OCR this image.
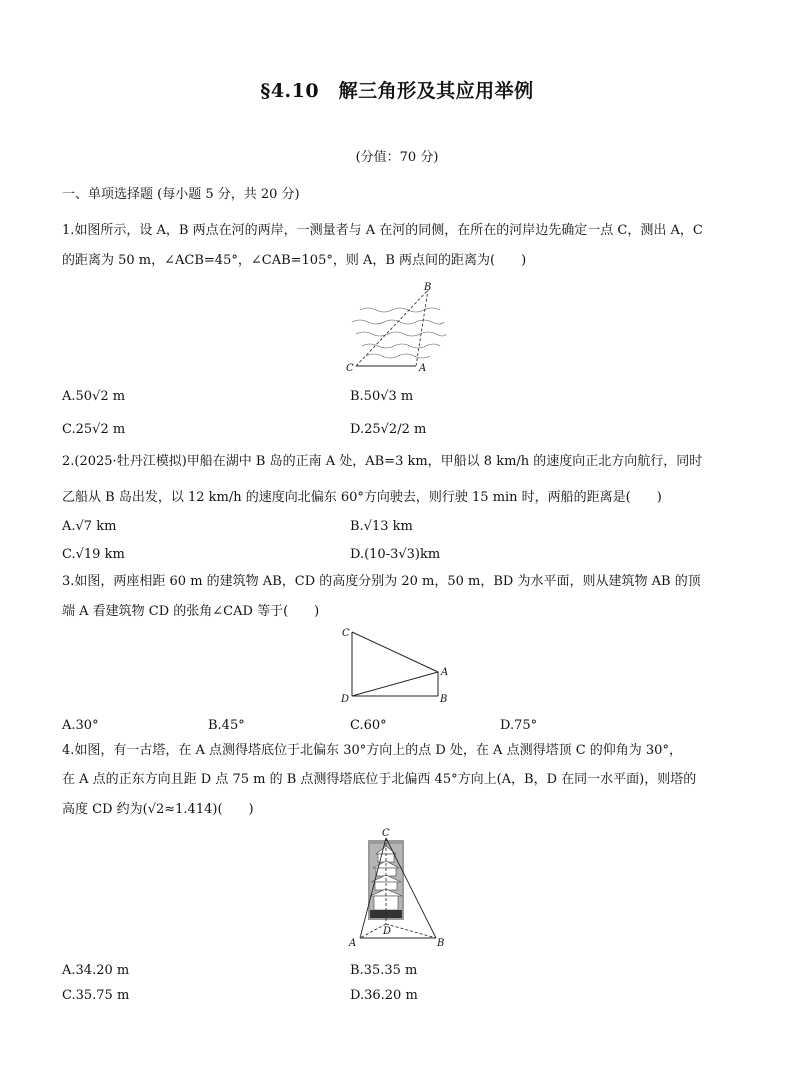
§4.10　解三角形及其应用举例
(分值：70 分)
一、单项选择题 (每小题 5 分，共 20 分)
1.如图所示，设 A，B 两点在河的两岸，一测量者与 A 在河的同侧，在所在的河岸边先确定一点 C，测出 A，C
的距离为 50 m，∠ACB=45°，∠CAB=105°，则 A，B 两点间的距离为(　　)
B
C	A
A.50√2 m	B.50√3 m
C.25√2 m	D.25√2/2 m
2.(2025·牡丹江模拟)甲船在湖中 B 岛的正南 A 处，AB=3 km，甲船以 8 km/h 的速度向正北方向航行，同时
乙船从 B 岛出发，以 12 km/h 的速度向北偏东 60°方向驶去，则行驶 15 min 时，两船的距离是(　　)
A.√7 km	B.√13 km
C.√19 km	D.(10-3√3)km
3.如图，两座相距 60 m 的建筑物 AB，CD 的高度分别为 20 m，50 m，BD 为水平面，则从建筑物 AB 的顶
端 A 看建筑物 CD 的张角∠CAD 等于(　　)
C
A
D	B
A.30°	B.45°	C.60°	D.75°
4.如图，有一古塔，在 A 点测得塔底位于北偏东 30°方向上的点 D 处，在 A 点测得塔顶 C 的仰角为 30°，
在 A 点的正东方向且距 D 点 75 m 的 B 点测得塔底位于北偏西 45°方向上(A，B，D 在同一水平面)，则塔的
高度 CD 约为(√2≈1.414)(　　)
C
D
A	B
A.34.20 m	B.35.35 m
C.35.75 m	D.36.20 m
